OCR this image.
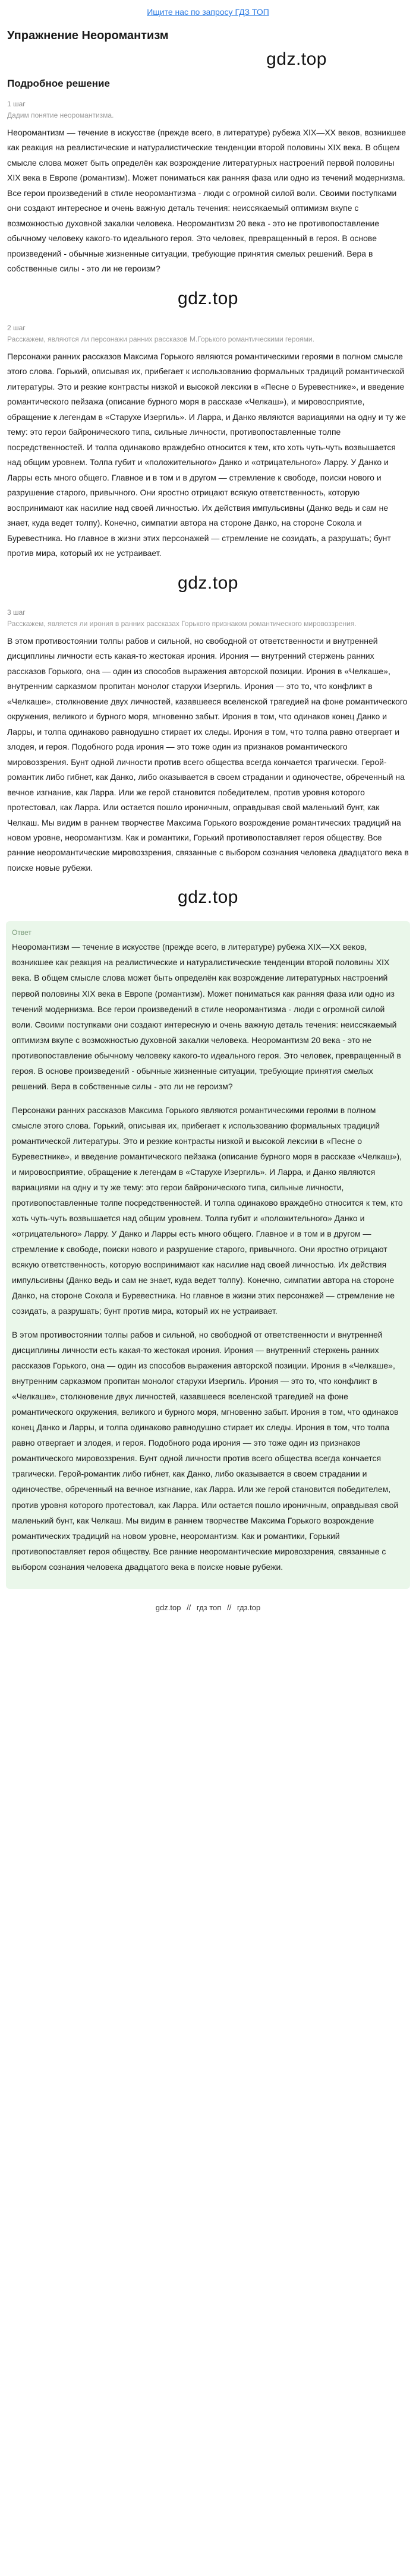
Ищите нас по запросу ГДЗ ТОП
Упражнение Неоромантизм
gdz.top
Подробное решение
1 шаг
Дадим понятие неоромантизма.

Неоромантизм — течение в искусстве (прежде всего, в литературе) рубежа XIX—XX веков, возникшее как реакция на реалистические и натуралистические тенденции второй половины XIX века. В общем смысле слова может быть определён как возрождение литературных настроений первой половины XIX века в Европе (романтизм). Может пониматься как ранняя фаза или одно из течений модернизма. Все герои произведений в стиле неоромантизма - люди с огромной силой воли. Своими поступками они создают интересное и очень важную деталь течения: неиссякаемый оптимизм вкупе с возможностью духовной закалки человека. Неоромантизм 20 века - это не противопоставление обычному человеку какого-то идеального героя. Это человек, превращенный в героя. В основе произведений - обычные жизненные ситуации, требующие принятия смелых решений. Вера в собственные силы - это ли не героизм?

gdz.top
2 шаг
Расскажем, являются ли персонажи ранних рассказов М.Горького романтическими героями.

Персонажи ранних рассказов Максима Горького являются романтическими героями в полном смысле этого слова. Горький, описывая их, прибегает к использованию формальных традиций романтической литературы. Это и резкие контрасты низкой и высокой лексики в «Песне о Буревестнике», и введение романтического пейзажа (описание бурного моря в рассказе «Челкаш»), и мировосприятие, обращение к легендам в «Старухе Изергиль». И Ларра, и Данко являются вариациями на одну и ту же тему: это герои байронического типа, сильные личности, противопоставленные толпе посредственностей. И толпа одинаково враждебно относится к тем, кто хоть чуть-чуть возвышается над общим уровнем. Толпа губит и «положительного» Данко и «отрицательного» Ларру. У Данко и Ларры есть много общего. Главное и в том и в другом — стремление к свободе, поиски нового и разрушение старого, привычного. Они яростно отрицают всякую ответственность, которую воспринимают как насилие над своей личностью. Их действия импульсивны (Данко ведь и сам не знает, куда ведет толпу). Конечно, симпатии автора на стороне Данко, на стороне Сокола и Буревестника. Но главное в жизни этих персонажей — стремление не созидать, а разрушать; бунт против мира, который их не устраивает.

gdz.top
3 шаг
Расскажем, является ли ирония в ранних рассказах Горького признаком романтического мировоззрения.

В этом противостоянии толпы рабов и сильной, но свободной от ответственности и внутренней дисциплины личности есть какая-то жестокая ирония. Ирония — внутренний стержень ранних рассказов Горького, она — один из способов выражения авторской позиции. Ирония в «Челкаше», внутренним сарказмом пропитан монолог старухи Изергиль. Ирония — это то, что конфликт в «Челкаше», столкновение двух личностей, казавшееся вселенской трагедией на фоне романтического окружения, великого и бурного моря, мгновенно забыт. Ирония в том, что одинаков конец Данко и Ларры, и толпа одинаково равнодушно стирает их следы. Ирония в том, что толпа равно отвергает и злодея, и героя. Подобного рода ирония — это тоже один из признаков романтического мировоззрения. Бунт одной личности против всего общества всегда кончается трагически. Герой-романтик либо гибнет, как Данко, либо оказывается в своем страдании и одиночестве, обреченный на вечное изгнание, как Ларра. Или же герой становится победителем, против уровня которого протестовал, как Ларра. Или остается пошло ироничным, оправдывая свой маленький бунт, как Челкаш. Мы видим в раннем творчестве Максима Горького возрождение романтических традиций на новом уровне, неоромантизм. Как и романтики, Горький противопоставляет героя обществу. Все ранние неоромантические мировоззрения, связанные с выбором сознания человека двадцатого века в поиске новые рубежи.

gdz.top
Ответ

Неоромантизм — течение в искусстве (прежде всего, в литературе) рубежа XIX—XX веков, возникшее как реакция на реалистические и натуралистические тенденции второй половины XIX века. В общем смысле слова может быть определён как возрождение литературных настроений первой половины XIX века в Европе (романтизм). Может пониматься как ранняя фаза или одно из течений модернизма. Все герои произведений в стиле неоромантизма - люди с огромной силой воли. Своими поступками они создают интересную и очень важную деталь течения: неиссякаемый оптимизм вкупе с возможностью духовной закалки человека. Неоромантизм 20 века - это не противопоставление обычному человеку какого-то идеального героя. Это человек, превращенный в героя. В основе произведений - обычные жизненные ситуации, требующие принятия смелых решений. Вера в собственные силы - это ли не героизм?

Персонажи ранних рассказов Максима Горького являются романтическими героями в полном смысле этого слова. Горький, описывая их, прибегает к использованию формальных традиций романтической литературы. Это и резкие контрасты низкой и высокой лексики в «Песне о Буревестнике», и введение романтического пейзажа (описание бурного моря в рассказе «Челкаш»), и мировосприятие, обращение к легендам в «Старухе Изергиль». И Ларра, и Данко являются вариациями на одну и ту же тему: это герои байронического типа, сильные личности, противопоставленные толпе посредственностей. И толпа одинаково враждебно относится к тем, кто хоть чуть-чуть возвышается над общим уровнем. Толпа губит и «положительного» Данко и «отрицательного» Ларру. У Данко и Ларры есть много общего. Главное и в том и в другом — стремление к свободе, поиски нового и разрушение старого, привычного. Они яростно отрицают всякую ответственность, которую воспринимают как насилие над своей личностью. Их действия импульсивны (Данко ведь и сам не знает, куда ведет толпу). Конечно, симпатии автора на стороне Данко, на стороне Сокола и Буревестника. Но главное в жизни этих персонажей — стремление не созидать, а разрушать; бунт против мира, который их не устраивает.

В этом противостоянии толпы рабов и сильной, но свободной от ответственности и внутренней дисциплины личности есть какая-то жестокая ирония. Ирония — внутренний стержень ранних рассказов Горького, она — один из способов выражения авторской позиции. Ирония в «Челкаше», внутренним сарказмом пропитан монолог старухи Изергиль. Ирония — это то, что конфликт в «Челкаше», столкновение двух личностей, казавшееся вселенской трагедией на фоне романтического окружения, великого и бурного моря, мгновенно забыт. Ирония в том, что одинаков конец Данко и Ларры, и толпа одинаково равнодушно стирает их следы. Ирония в том, что толпа равно отвергает и злодея, и героя. Подобного рода ирония — это тоже один из признаков романтического мировоззрения. Бунт одной личности против всего общества всегда кончается трагически. Герой-романтик либо гибнет, как Данко, либо оказывается в своем страдании и одиночестве, обреченный на вечное изгнание, как Ларра. Или же герой становится победителем, против уровня которого протестовал, как Ларра. Или остается пошло ироничным, оправдывая свой маленький бунт, как Челкаш. Мы видим в раннем творчестве Максима Горького возрождение романтических традиций на новом уровне, неоромантизм. Как и романтики, Горький противопоставляет героя обществу. Все ранние неоромантические мировоззрения, связанные с выбором сознания человека двадцатого века в поиске новые рубежи.

gdz.top // гдз топ // гдз.top
